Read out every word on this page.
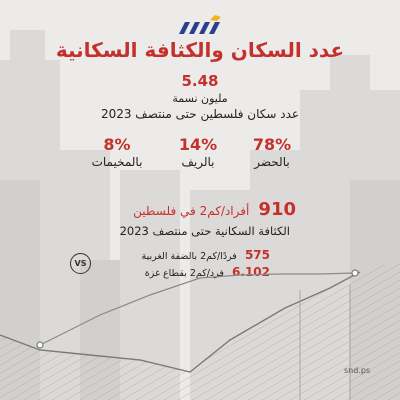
عدد السكان والكثافة السكانية
5.48
مليون نسمة
عدد سكان فلسطين حتى منتصف 2023
78%
بالحضر
14%
بالريف
8%
بالمخيمات
910 أفراد/كم2 في فلسطين
الكثافة السكانية حتى منتصف 2023
575 فردًا/كم2 بالضفة الغربية
6.102 فرد/كم2 بقطاع غزة
VS
snd.ps
